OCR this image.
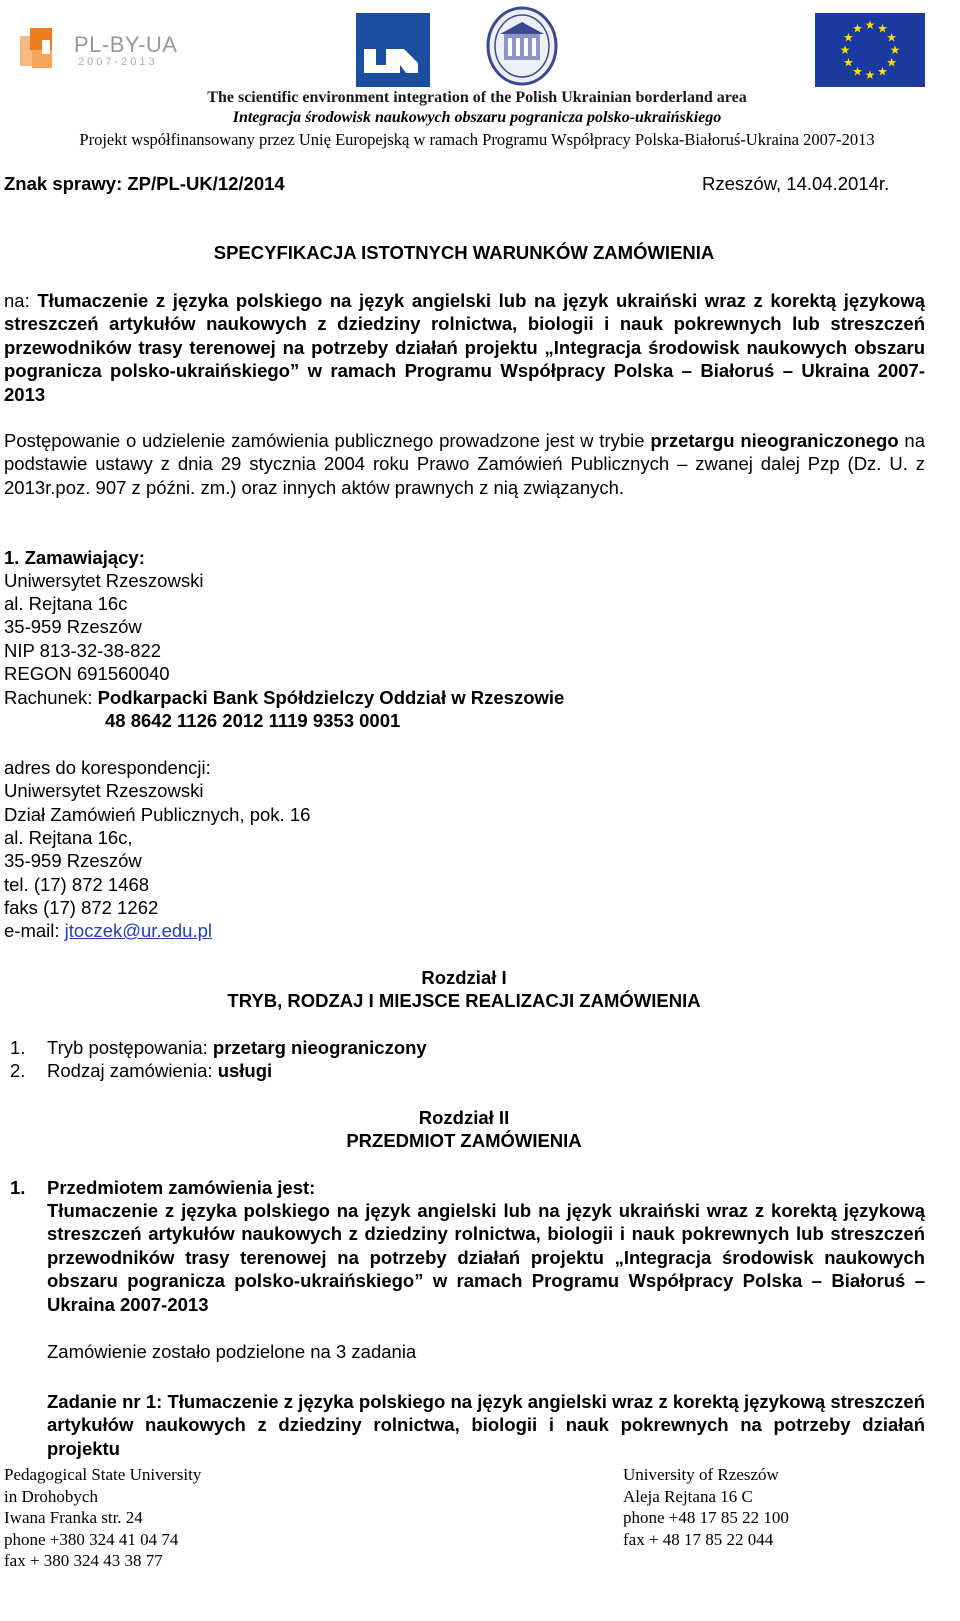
PL-BY-UA
2007-2013
★
★
★
★
★
★
★
★
★ ★ ★
★
The scientific environment integration of the Polish Ukrainian borderland area
Integracja środowisk naukowych obszaru pogranicza polsko-ukraińskiego
Projekt współfinansowany przez Unię Europejską w ramach Programu Współpracy Polska-Białoruś-Ukraina 2007-2013
Znak sprawy: ZP/PL-UK/12/2014	Rzeszów, 14.04.2014r.
SPECYFIKACJA ISTOTNYCH WARUNKÓW ZAMÓWIENIA
na: Tłumaczenie z języka polskiego na język angielski lub na język ukraiński wraz z korektą językową streszczeń artykułów naukowych z dziedziny rolnictwa, biologii i nauk pokrewnych lub streszczeń przewodników trasy terenowej na potrzeby działań projektu „Integracja środowisk naukowych obszaru pogranicza polsko-ukraińskiego” w ramach Programu Współpracy Polska – Białoruś – Ukraina 2007-2013
Postępowanie o udzielenie zamówienia publicznego prowadzone jest w trybie przetargu nieograniczonego na podstawie ustawy z dnia 29 stycznia 2004 roku Prawo Zamówień Publicznych – zwanej dalej Pzp (Dz. U. z 2013r.poz. 907 z późni. zm.) oraz innych aktów prawnych z nią związanych.
1. Zamawiający:
Uniwersytet Rzeszowski
al. Rejtana 16c
35-959 Rzeszów
NIP 813-32-38-822
REGON 691560040
Rachunek: Podkarpacki Bank Spółdzielczy Oddział w Rzeszowie
48 8642 1126 2012 1119 9353 0001
adres do korespondencji:
Uniwersytet Rzeszowski
Dział Zamówień Publicznych, pok. 16
al. Rejtana 16c,
35-959 Rzeszów
tel. (17) 872 1468
faks (17) 872 1262
e-mail: jtoczek@ur.edu.pl
Rozdział I
TRYB, RODZAJ I MIEJSCE REALIZACJI ZAMÓWIENIA
1. Tryb postępowania: przetarg nieograniczony
2. Rodzaj zamówienia: usługi
Rozdział II
PRZEDMIOT ZAMÓWIENIA
1. Przedmiotem zamówienia jest:
Tłumaczenie z języka polskiego na język angielski lub na język ukraiński wraz z korektą językową streszczeń artykułów naukowych z dziedziny rolnictwa, biologii i nauk pokrewnych lub streszczeń przewodników trasy terenowej na potrzeby działań projektu „Integracja środowisk naukowych obszaru pogranicza polsko-ukraińskiego” w ramach Programu Współpracy Polska – Białoruś – Ukraina 2007-2013
Zamówienie zostało podzielone na 3 zadania
Zadanie nr 1: Tłumaczenie z języka polskiego na język angielski wraz z korektą językową streszczeń artykułów naukowych z dziedziny rolnictwa, biologii i nauk pokrewnych na potrzeby działań projektu
Pedagogical State University
in Drohobych
Iwana Franka str. 24
phone +380 324 41 04 74
fax + 380 324 43 38 77
University of Rzeszów
Aleja Rejtana 16 C
phone +48 17 85 22 100
fax + 48 17 85 22 044
